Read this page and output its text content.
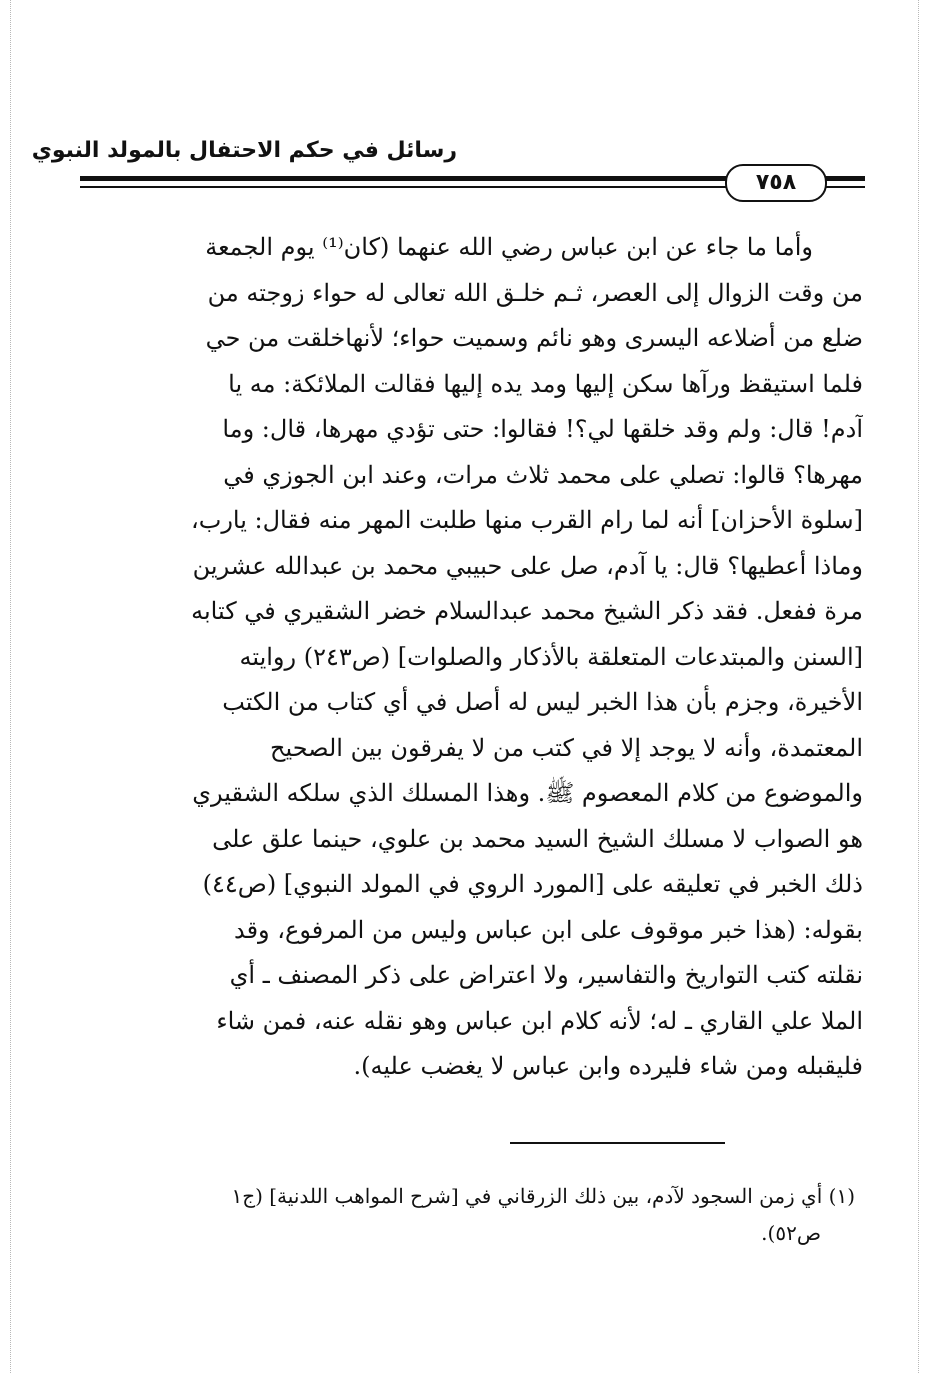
رسائل في حكم الاحتفال بالمولد النبوي
٧٥٨
وأما ما جاء عن ابن عباس رضي الله عنهما (كان⁽¹⁾ يوم الجمعة
من وقت الزوال إلى العصر، ثـم خلـق الله تعالى له حواء زوجته من
ضلع من أضلاعه اليسرى وهو نائم وسميت حواء؛ لأنهاخلقت من حي
فلما استيقظ ورآها سكن إليها ومد يده إليها فقالت الملائكة: مه يا
آدم! قال: ولم وقد خلقها لي؟! فقالوا: حتى تؤدي مهرها، قال: وما
مهرها؟ قالوا: تصلي على محمد ثلاث مرات، وعند ابن الجوزي في
[سلوة الأحزان] أنه لما رام القرب منها طلبت المهر منه فقال: يارب،
وماذا أعطيها؟ قال: يا آدم، صل على حبيبي محمد بن عبدالله عشرين
مرة ففعل. فقد ذكر الشيخ محمد عبدالسلام خضر الشقيري في كتابه
[السنن والمبتدعات المتعلقة بالأذكار والصلوات] (ص٢٤٣) روايته
الأخيرة، وجزم بأن هذا الخبر ليس له أصل في أي كتاب من الكتب
المعتمدة، وأنه لا يوجد إلا في كتب من لا يفرقون بين الصحيح
والموضوع من كلام المعصوم ﷺ. وهذا المسلك الذي سلكه الشقيري
هو الصواب لا مسلك الشيخ السيد محمد بن علوي، حينما علق على
ذلك الخبر في تعليقه على [المورد الروي في المولد النبوي] (ص٤٤)
بقوله: (هذا خبر موقوف على ابن عباس وليس من المرفوع، وقد
نقلته كتب التواريخ والتفاسير، ولا اعتراض على ذكر المصنف ـ أي
الملا علي القاري ـ له؛ لأنه كلام ابن عباس وهو نقله عنه، فمن شاء
فليقبله ومن شاء فليرده وابن عباس لا يغضب عليه).
(١) أي زمن السجود لآدم، بين ذلك الزرقاني في [شرح المواهب اللدنية] (ج١
ص٥٢).
